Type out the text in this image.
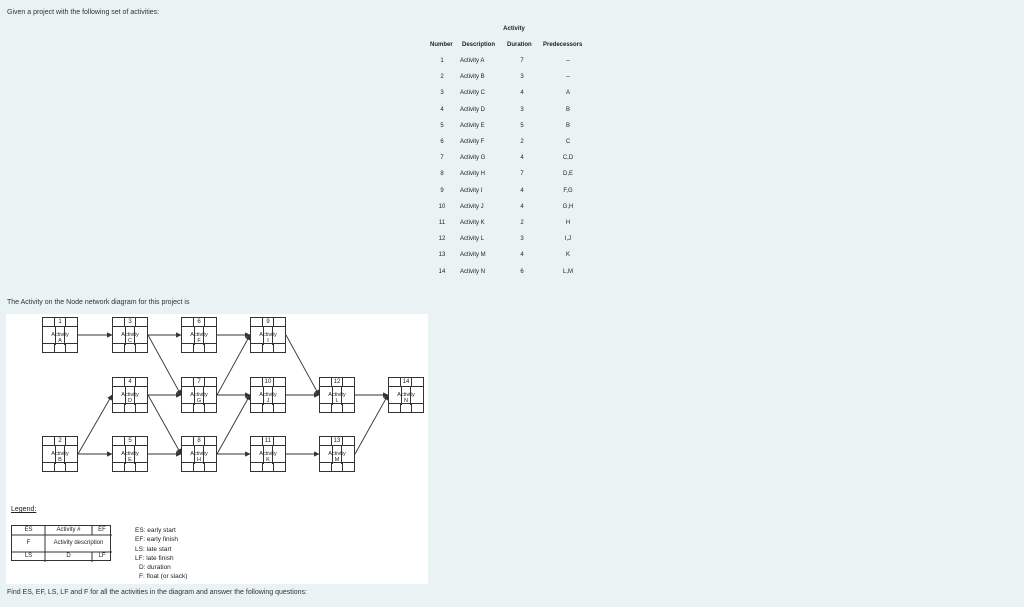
Given a project with the following set of activities:
Activity
Number Description Duration Predecessors
1	Activity A	7	--
2	Activity B	3	--
3	Activity C	4	A
4	Activity D	3	B
5	Activity E	5	B
6	Activity F	2	C
7	Activity G	4	C,D
8	Activity H	7	D,E
9	Activity I	4	F,G
10	Activity J	4	G,H
11	Activity K	2	H
12	Activity L	3	I,J
13	Activity M	4	K
14	Activity N	6	L,M
The Activity on the Node network diagram for this project is
1
Activity
A
2
Activity
B
3
Activity
C
4
Activity
D
5
Activity
E
6
Activity
F
7
Activity
G
8
Activity
H
9
Activity
I
10
Activity
J
11
Activity
K
12
Activity
L
13
Activity
M
14
Activity
N
Legend:
ES	Activity #	EF
F	Activity description
LS	D	LF
ES: early start
EF: early finish
LS: late start
LF: late finish
D: duration
F: float (or slack)
Find ES, EF, LS, LF and F for all the activities in the diagram and answer the following questions:
